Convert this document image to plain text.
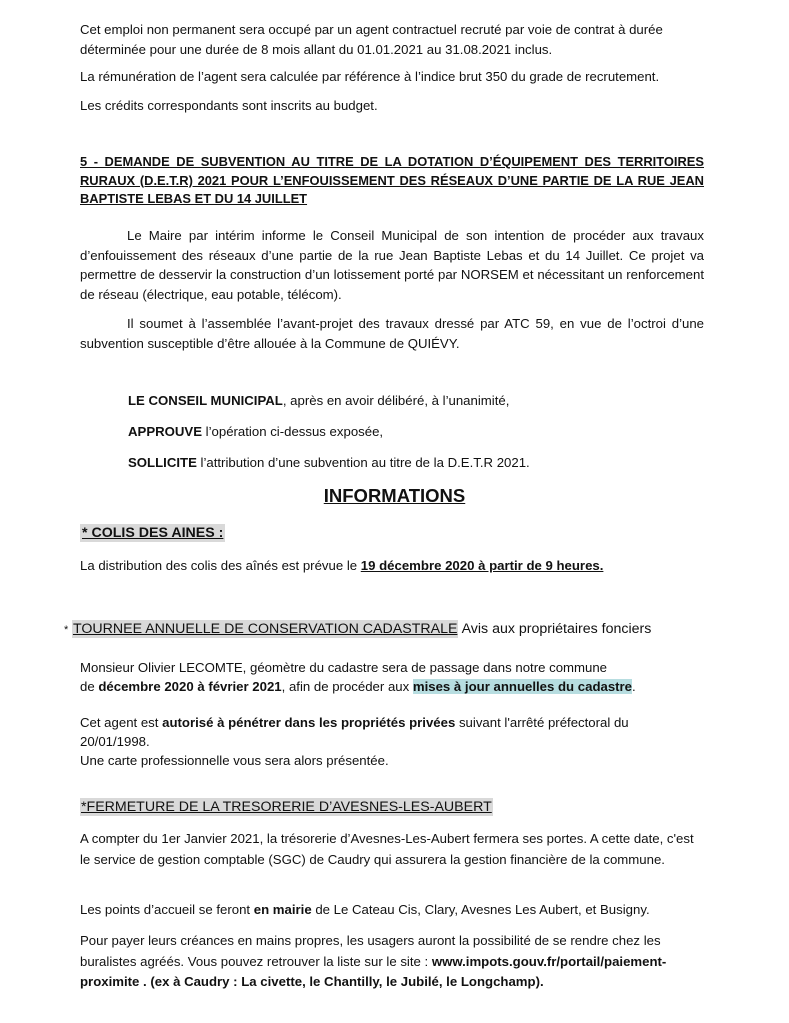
Cet emploi non permanent sera occupé par un agent contractuel recruté par voie de contrat à durée
déterminée pour une durée de 8 mois allant du 01.01.2021 au 31.08.2021 inclus.

La rémunération de l’agent sera calculée par référence à l’indice brut 350 du grade de recrutement.

Les crédits correspondants sont inscrits au budget.

5 - DEMANDE DE SUBVENTION AU TITRE DE LA DOTATION D’ÉQUIPEMENT DES TERRITOIRES RURAUX (D.E.T.R) 2021 POUR L’ENFOUISSEMENT DES RÉSEAUX D’UNE PARTIE DE LA RUE JEAN BAPTISTE LEBAS ET DU 14 JUILLET

Le Maire par intérim informe le Conseil Municipal de son intention de procéder aux travaux d’enfouissement des réseaux d’une partie de la rue Jean Baptiste Lebas et du 14 Juillet. Ce projet va permettre de desservir la construction d’un lotissement porté par NORSEM et nécessitant un renforcement de réseau (électrique, eau potable, télécom).

Il soumet à l’assemblée l’avant-projet des travaux dressé par ATC 59, en vue de l’octroi d’une subvention susceptible d’être allouée à la Commune de QUIÉVY.

LE CONSEIL MUNICIPAL, après en avoir délibéré, à l’unanimité,

APPROUVE l’opération ci-dessus exposée,

SOLLICITE l’attribution d’une subvention au titre de la D.E.T.R 2021.

INFORMATIONS

* COLIS DES AINES :

La distribution des colis des aînés est prévue le 19 décembre 2020 à partir de 9 heures.

* TOURNEE ANNUELLE DE CONSERVATION CADASTRALE Avis aux propriétaires fonciers

Monsieur Olivier LECOMTE, géomètre du cadastre sera de passage dans notre commune
de décembre 2020 à février 2021, afin de procéder aux mises à jour annuelles du cadastre.

Cet agent est autorisé à pénétrer dans les propriétés privées suivant l'arrêté préfectoral du
20/01/1998.
Une carte professionnelle vous sera alors présentée.

*FERMETURE DE LA TRESORERIE D’AVESNES-LES-AUBERT

A compter du 1er Janvier 2021, la trésorerie d’Avesnes-Les-Aubert fermera ses portes. A cette date, c'est le service de gestion comptable (SGC) de Caudry qui assurera la gestion financière de la commune.

Les points d’accueil se feront en mairie de Le Cateau Cis, Clary, Avesnes Les Aubert, et Busigny.

Pour payer leurs créances en mains propres, les usagers auront la possibilité de se rendre chez les buralistes agréés. Vous pouvez retrouver la liste sur le site : www.impots.gouv.fr/portail/paiement-proximite . (ex à Caudry : La civette, le Chantilly, le Jubilé, le Longchamp).
